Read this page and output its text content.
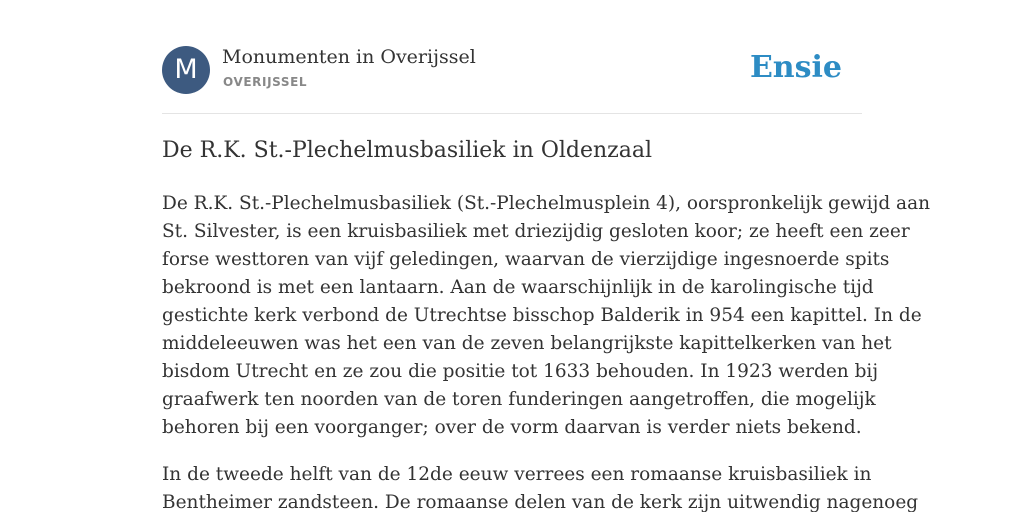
M	Monumenten in Overijssel
OVERIJSSEL	Ensie
De R.K. St.-Plechelmusbasiliek in Oldenzaal

De R.K. St.-Plechelmusbasiliek (St.-Plechelmusplein 4), oorspronkelijk gewijd aan
St. Silvester, is een kruisbasiliek met driezijdig gesloten koor; ze heeft een zeer
forse westtoren van vijf geledingen, waarvan de vierzijdige ingesnoerde spits
bekroond is met een lantaarn. Aan de waarschijnlijk in de karolingische tijd
gestichte kerk verbond de Utrechtse bisschop Balderik in 954 een kapittel. In de
middeleeuwen was het een van de zeven belangrijkste kapittelkerken van het
bisdom Utrecht en ze zou die positie tot 1633 behouden. In 1923 werden bij
graafwerk ten noorden van de toren funderingen aangetroffen, die mogelijk
behoren bij een voorganger; over de vorm daarvan is verder niets bekend.

In de tweede helft van de 12de eeuw verrees een romaanse kruisbasiliek in
Bentheimer zandsteen. De romaanse delen van de kerk zijn uitwendig nagenoeg
